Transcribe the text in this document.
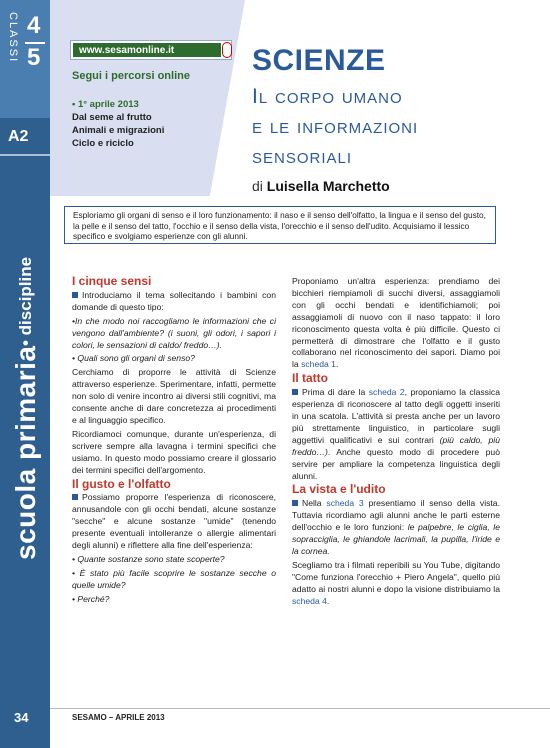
CLASSI 4
5
A2
scuola primaria
• discipline
34
www.sesamonline.it
Segui i percorsi online
• 1° aprile 2013
Dal seme al frutto
Animali e migrazioni
Ciclo e riciclo
SCIENZE
Il corpo umano
e le informazioni
sensoriali
di Luisella Marchetto
Esploriamo gli organi di senso e il loro funzionamento: il naso e il senso dell'olfatto, la lingua e il senso del gusto, la pelle e il senso del tatto, l'occhio e il senso della vista, l'orecchio e il senso dell'udito. Acquisiamo il lessico specifico e svolgiamo esperienze con gli alunni.
I cinque sensi

Introduciamo il tema sollecitando i bambini con domande di questo tipo:

•In che modo noi raccogliamo le informazioni che ci vengono dall'ambiente? (i suoni, gli odori, i sapori i colori, le sensazioni di caldo/ freddo…).

• Quali sono gli organi di senso?

Cerchiamo di proporre le attività di Scienze attraverso esperienze. Sperimentare, infatti, permette non solo di venire incontro ai diversi stili cognitivi, ma consente anche di dare concretezza ai procedimenti e al linguaggio specifico.

Ricordiamoci comunque, durante un'esperienza, di scrivere sempre alla lavagna i termini specifici che usiamo. In questo modo possiamo creare il glossario dei termini specifici dell'argomento.

Il gusto e l'olfatto

Possiamo proporre l'esperienza di riconoscere, annusandole con gli occhi bendati, alcune sostanze "secche" e alcune sostanze "umide" (tenendo presente eventuali intolleranze o allergie alimentari degli alunni) e riflettere alla fine dell'esperienza:

• Quante sostanze sono state scoperte?

• È stato più facile scoprire le sostanze secche o quelle umide?

• Perché?

Proponiamo un'altra esperienza: prendiamo dei bicchieri riempiamoli di succhi diversi, assaggiamoli con gli occhi bendati e identifichiamoli; poi assaggiamoli di nuovo con il naso tappato: il loro riconoscimento questa volta è più difficile. Questo ci permetterà di dimostrare che l'olfatto e il gusto collaborano nel riconoscimento dei sapori. Diamo poi la scheda 1.

Il tatto

Prima di dare la scheda 2, proponiamo la classica esperienza di riconoscere al tatto degli oggetti inseriti in una scatola. L'attività si presta anche per un lavoro più strettamente linguistico, in particolare sugli aggettivi qualificativi e sui contrari (più caldo, più freddo…). Anche questo modo di procedere può servire per ampliare la competenza linguistica degli alunni.

La vista e l'udito

Nella scheda 3 presentiamo il senso della vista. Tuttavia ricordiamo agli alunni anche le parti esterne dell'occhio e le loro funzioni: le palpebre, le ciglia, le sopracciglia, le ghiandole lacrimali, la pupilla, l'iride e la cornea.

Scegliamo tra i filmati reperibili su You Tube, digitando "Come funziona l'orecchio + Piero Angela", quello più adatto ai nostri alunni e dopo la visione distribuiamo la scheda 4.

SESAMO – APRILE 2013
